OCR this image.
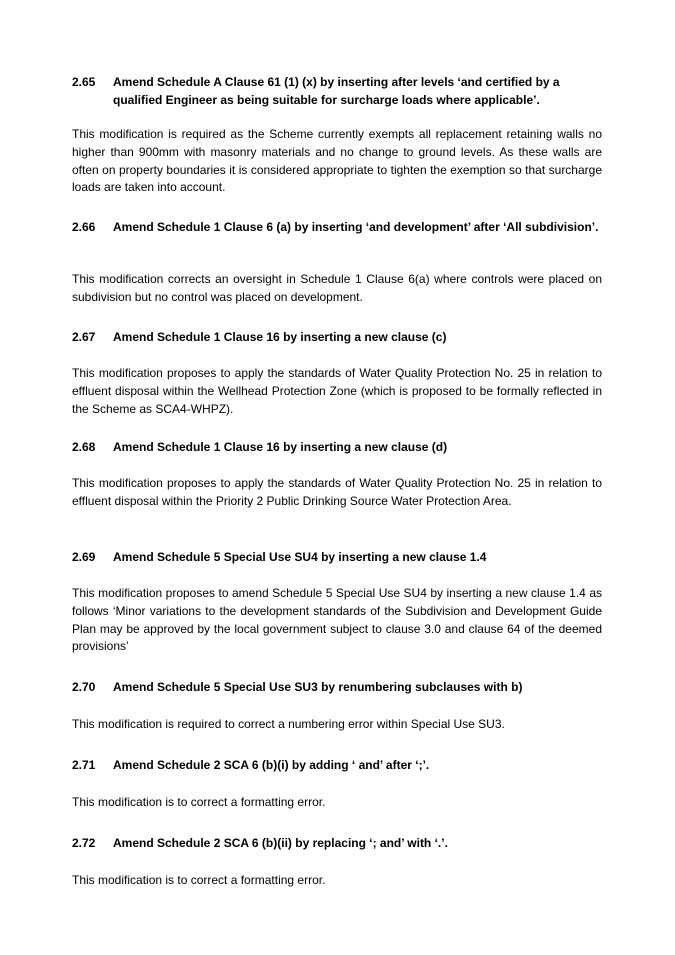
2.65	Amend Schedule A Clause 61 (1) (x) by inserting after levels ‘and certified by a qualified Engineer as being suitable for surcharge loads where applicable’.

This modification is required as the Scheme currently exempts all replacement retaining walls no higher than 900mm with masonry materials and no change to ground levels. As these walls are often on property boundaries it is considered appropriate to tighten the exemption so that surcharge loads are taken into account.

2.66	Amend Schedule 1 Clause 6 (a) by inserting ‘and development’ after ‘All subdivision’.

This modification corrects an oversight in Schedule 1 Clause 6(a) where controls were placed on subdivision but no control was placed on development.

2.67	Amend Schedule 1 Clause 16 by inserting a new clause (c)

This modification proposes to apply the standards of Water Quality Protection No. 25 in relation to effluent disposal within the Wellhead Protection Zone (which is proposed to be formally reflected in the Scheme as SCA4-WHPZ).

2.68	Amend Schedule 1 Clause 16 by inserting a new clause (d)

This modification proposes to apply the standards of Water Quality Protection No. 25 in relation to effluent disposal within the Priority 2 Public Drinking Source Water Protection Area.

2.69	Amend Schedule 5 Special Use SU4 by inserting a new clause 1.4

This modification proposes to amend Schedule 5 Special Use SU4 by inserting a new clause 1.4 as follows ‘Minor variations to the development standards of the Subdivision and Development Guide Plan may be approved by the local government subject to clause 3.0 and clause 64 of the deemed provisions’

2.70	Amend Schedule 5 Special Use SU3 by renumbering subclauses with b)

This modification is required to correct a numbering error within Special Use SU3.

2.71	Amend Schedule 2 SCA 6 (b)(i) by adding ‘ and’ after ‘;’.

This modification is to correct a formatting error.

2.72	Amend Schedule 2 SCA 6 (b)(ii) by replacing ‘; and’ with ‘.’.

This modification is to correct a formatting error.
